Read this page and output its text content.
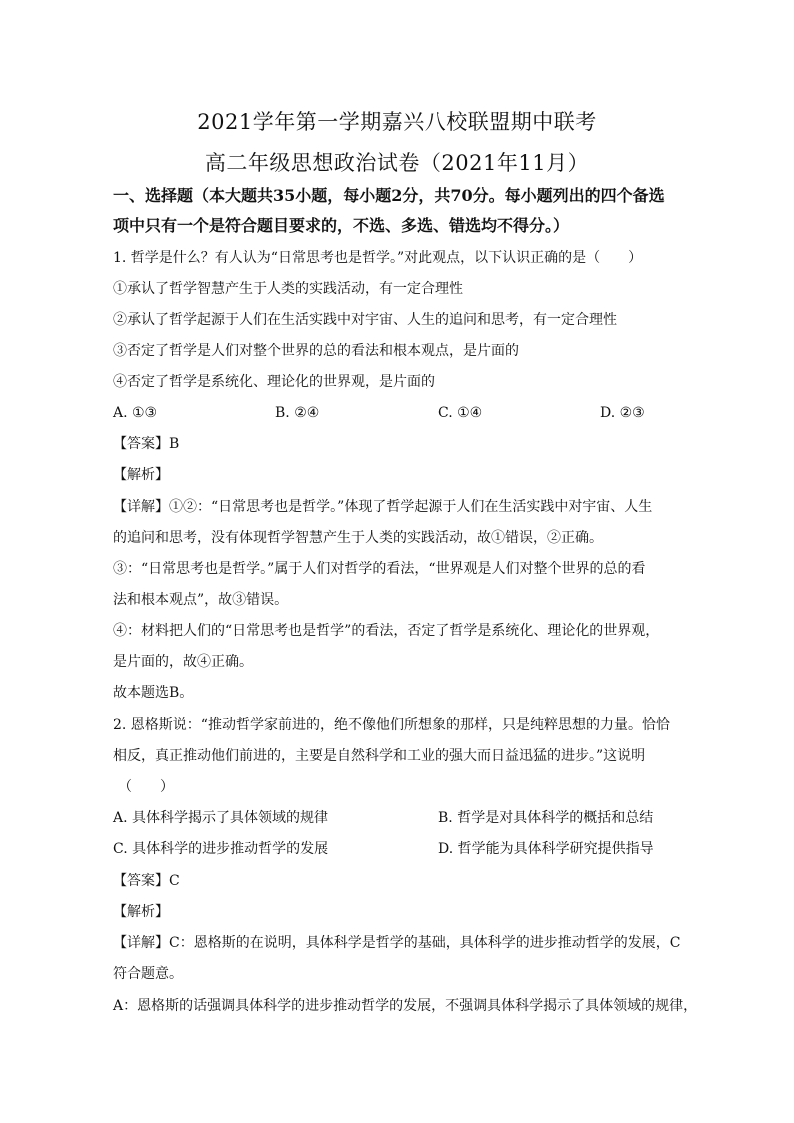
2021学年第一学期嘉兴八校联盟期中联考
高二年级思想政治试卷（2021年11月）
一、选择题（本大题共35小题，每小题2分，共70分。每小题列出的四个备选
项中只有一个是符合题目要求的，不选、多选、错选均不得分。）
1. 哲学是什么？有人认为“日常思考也是哲学。”对此观点，以下认识正确的是（　　）
①承认了哲学智慧产生于人类的实践活动，有一定合理性
②承认了哲学起源于人们在生活实践中对宇宙、人生的追问和思考，有一定合理性
③否定了哲学是人们对整个世界的总的看法和根本观点，是片面的
④否定了哲学是系统化、理论化的世界观，是片面的
A. ①③	B. ②④	C. ①④	D. ②③
【答案】B
【解析】
【详解】①②：“日常思考也是哲学。”体现了哲学起源于人们在生活实践中对宇宙、人生
的追问和思考，没有体现哲学智慧产生于人类的实践活动，故①错误，②正确。
③：“日常思考也是哲学。”属于人们对哲学的看法，“世界观是人们对整个世界的总的看
法和根本观点”，故③错误。
④：材料把人们的“日常思考也是哲学”的看法，否定了哲学是系统化、理论化的世界观，
是片面的，故④正确。
故本题选B。
2. 恩格斯说：“推动哲学家前进的，绝不像他们所想象的那样，只是纯粹思想的力量。恰恰
相反，真正推动他们前进的，主要是自然科学和工业的强大而日益迅猛的进步。”这说明
（　　）
A. 具体科学揭示了具体领域的规律	B. 哲学是对具体科学的概括和总结
C. 具体科学的进步推动哲学的发展	D. 哲学能为具体科学研究提供指导
【答案】C
【解析】
【详解】C：恩格斯的在说明，具体科学是哲学的基础，具体科学的进步推动哲学的发展，C
符合题意。
A：恩格斯的话强调具体科学的进步推动哲学的发展，不强调具体科学揭示了具体领域的规律，
